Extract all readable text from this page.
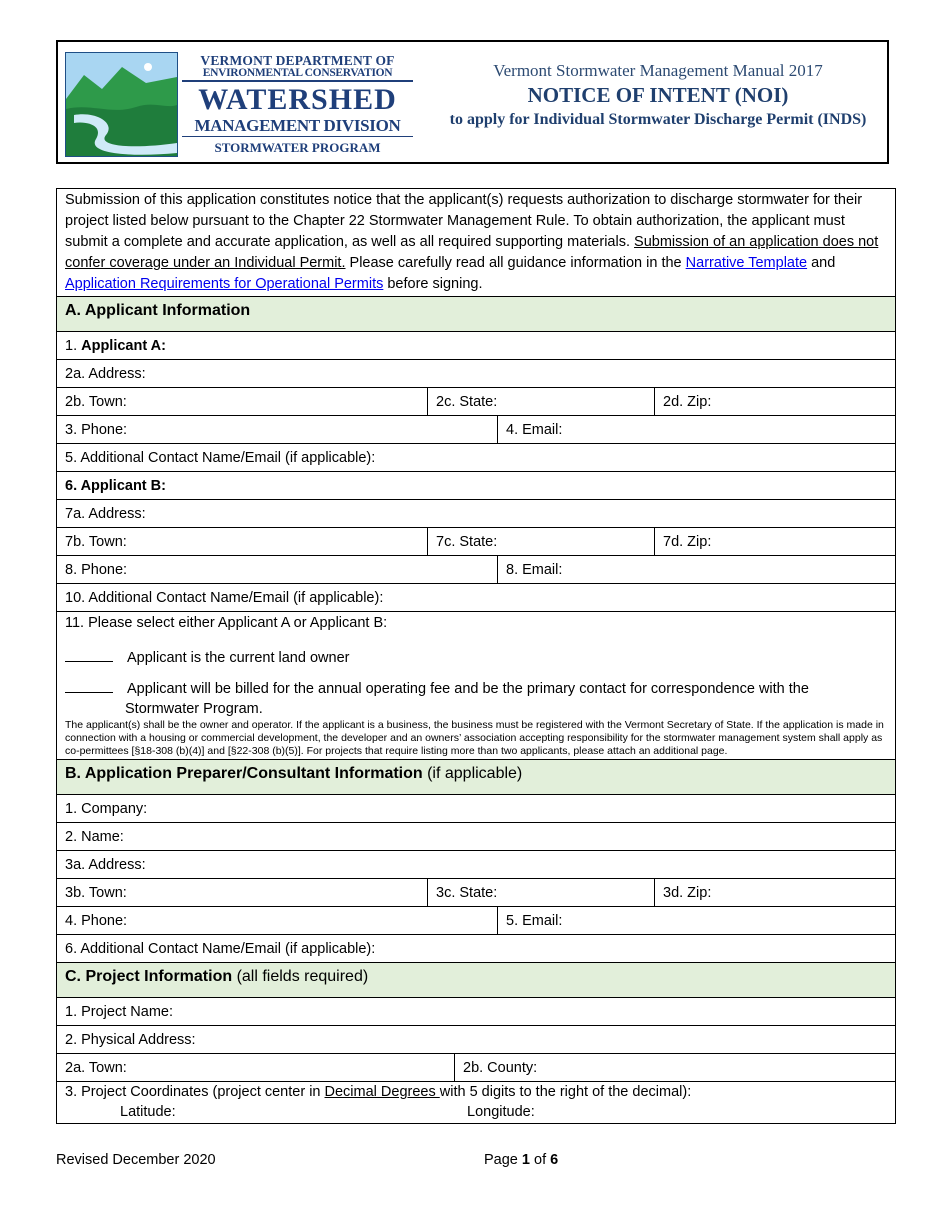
VERMONT DEPARTMENT OF
ENVIRONMENTAL CONSERVATION
WATERSHED
MANAGEMENT DIVISION
STORMWATER PROGRAM
Vermont Stormwater Management Manual 2017
NOTICE OF INTENT (NOI)
to apply for Individual Stormwater Discharge Permit (INDS)
Submission of this application constitutes notice that the applicant(s) requests authorization to discharge stormwater for their project listed below pursuant to the Chapter 22 Stormwater Management Rule. To obtain authorization, the applicant must submit a complete and accurate application, as well as all required supporting materials. Submission of an application does not confer coverage under an Individual Permit. Please carefully read all guidance information in the Narrative Template and Application Requirements for Operational Permits before signing.				
A. Applicant Information				
1. Applicant A:				
2a. Address:				
2b. Town:	2c. State:			2d. Zip:
3. Phone:			4. Email:	
5. Additional Contact Name/Email (if applicable):				
6. Applicant B:				
7a. Address:				
7b. Town:	7c. State:			7d. Zip:
8. Phone:			8. Email:	
10. Additional Contact Name/Email (if applicable):				

11. Please select either Applicant A or Applicant B:
Applicant is the current land owner
Applicant will be billed for the annual operating fee and be the primary contact for correspondence with the
Stormwater Program.
The applicant(s) shall be the owner and operator. If the applicant is a business, the business must be registered with the Vermont Secretary of State. If the application is made in connection with a housing or commercial development, the developer and an owners’ association accepting responsibility for the stormwater management system shall apply as co-permittees [§18-308 (b)(4)] and [§22-308 (b)(5)]. For projects that require listing more than two applicants, please attach an additional page.				

B. Application Preparer/Consultant Information (if applicable)				
1. Company:				
2. Name:				
3a. Address:				
3b. Town:	3c. State:			3d. Zip:
4. Phone:			5. Email:	
6. Additional Contact Name/Email (if applicable):				
C. Project Information (all fields required)				
1. Project Name:				
2. Physical Address:				
2a. Town:		2b. County:		

3. Project Coordinates (project center in Decimal Degrees with 5 digits to the right of the decimal):
Latitude: Longitude:				
Revised December 2020	Page 1 of 6
